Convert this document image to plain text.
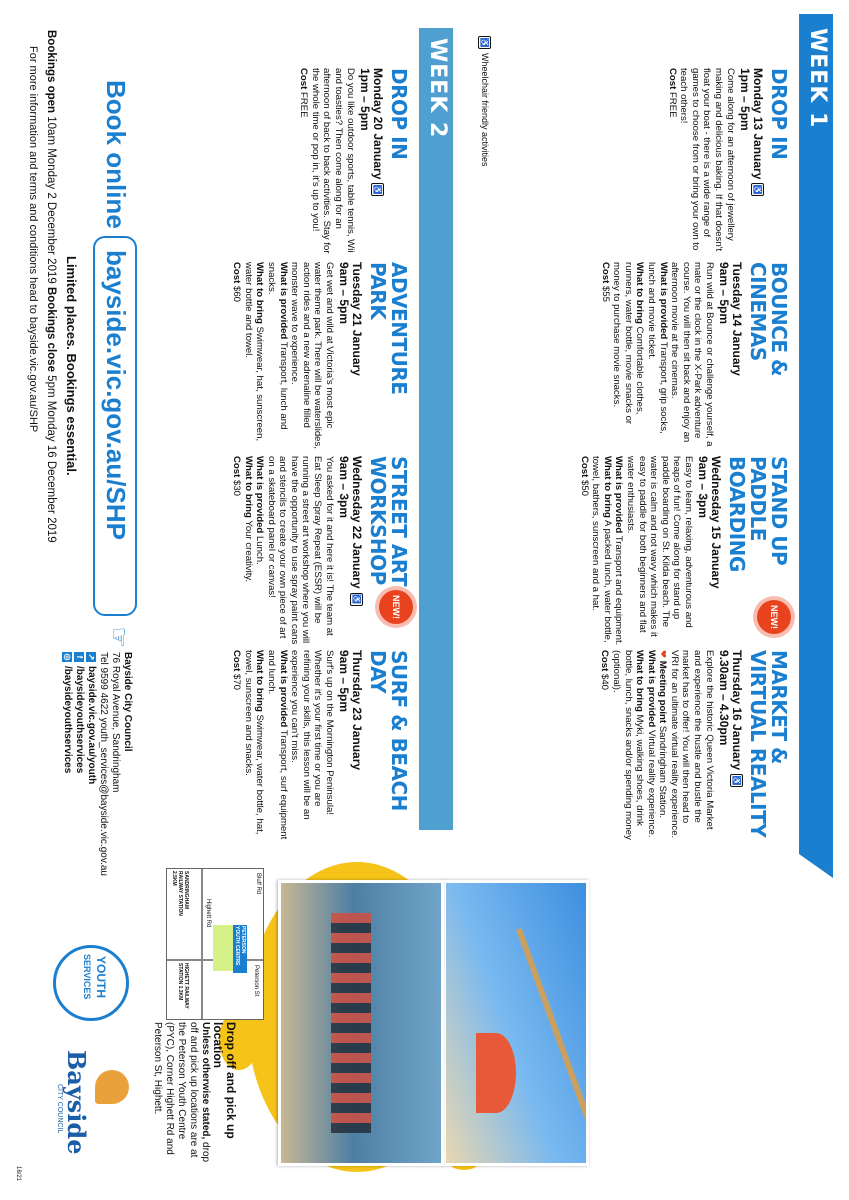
WEEK 1
DROP IN
Monday 13 January♿
1pm – 5pm

Come along for an afternoon of jewellery making and delicious baking. If that doesn't float your boat - there is a wide range of games to choose from or bring your own to teach others!

Cost FREE
BOUNCE & CINEMAS
Tuesday 14 January
9am – 5pm

Run wild at Bounce or challenge yourself, a mate or the clock in the X-Park adventure course. You will then sit back and enjoy an afternoon movie at the cinemas.

What is provided Transport, grip socks, lunch and movie ticket.
What to bring Comfortable clothes, runners, water bottle, movie snacks or money to purchase movie snacks.
Cost $55
STAND UP PADDLE BOARDING
Wednesday 15 January
9am – 3pm

Easy to learn, relaxing, adventurous and heaps of fun! Come along for stand up paddle boarding on St. Kilda beach. The water is calm and not wavy which makes it easy to paddle for both beginners and flat water enthusiasts.

What is provided Transport and equipment.
What to bring A packed lunch, water bottle, towel, bathers, sunscreen and a hat.
Cost $50
NEW!
MARKET & VIRTUAL REALITY
Thursday 16 January♿
9.30am – 4.30pm

Explore the historic Queen Victoria Market and experience the hustle and bustle the market has to offer! You will then head to VRI for an ultimate virtual reality experience.

❤ Meeting point Sandringham Station.
What is provided Virtual reality experience.
What to bring Myki, walking shoes, drink bottle, lunch, snacks and/or spending money (optional).
Cost $40
♿Wheelchair friendly activities
WEEK 2
DROP IN
Monday 20 January♿
1pm – 5pm

Do you like outdoor sports, table tennis, Wii and toasties? Then come along for an afternoon of back to back activities. Stay for the whole time or pop in, it's up to you!

Cost FREE
ADVENTURE PARK
Tuesday 21 January
9am – 5pm

Get wet and wild at Victoria's most epic water theme park. There will be waterslides, action rides and a new adrenaline filled monster wave to experience.

What is provided Transport, lunch and snacks.
What to bring Swimwear, hat, sunscreen, water bottle and towel.
Cost $60
STREET ART WORKSHOP
Wednesday 22 January♿
9am – 3pm

You asked for it and here it is! The team at Eat Sleep Spray Repeat (ESSR) will be running a street art workshop where you will have the opportunity to use spray paint cans and stencils to create your own piece of art on a skateboard panel or canvas!

What is provided Lunch.
What to bring Your creativity.
Cost $30
NEW!
SURF & BEACH DAY
Thursday 23 January
9am – 5pm

Surf's up on the Mornington Peninsula! Whether it's your first time or you are refining your skills, this lesson will be an experience you can't miss.

What is provided Transport, surf equipment and lunch.
What to bring Swimwear, water bottle, hat, towel, sunscreen and snacks.
Cost $70
Book online
bayside.vic.gov.au/SHP
☞
Limited places. Bookings essential.
Bookings open 10am Monday 2 December 2019 Bookings close 5pm Monday 16 December 2019
For more information and terms and conditions head to bayside.vic.gov.au/SHP
Bayside City Council
76 Royal Avenue, Sandringham
Tel 9599 4622 youth_services@bayside.vic.gov.au
↗bayside.vic.gov.au/youth
f/baysideyouthservices
◎/baysideyouthservices
Bluff Rd
Highett Rd
Peterson St
PETERSON YOUTH CENTRE
SANDRINGHAM RAILWAY STATION 2.5KM
HIGHETT RAILWAY STATION 1.3KM
YOUTH
SERVICES
Bayside
CITY COUNCIL	Drop off and pick up location
Unless otherwise stated, drop off and pick up locations are at the Peterson Youth Centre (PYC), Corner Highett Rd and Peterson St, Highett.
18/21
